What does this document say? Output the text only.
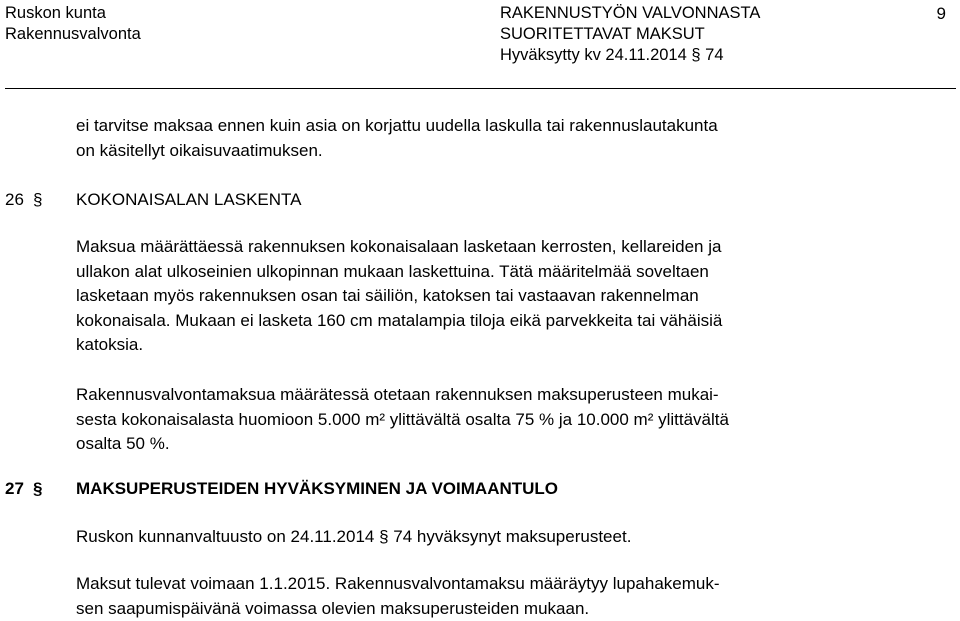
Ruskon kunta
Rakennusvalvonta
RAKENNUSTYÖN VALVONNASTA
SUORITETTAVAT MAKSUT
Hyväksytty kv 24.11.2014 § 74
9
ei tarvitse maksaa ennen kuin asia on korjattu uudella laskulla tai rakennuslautakunta
on käsitellyt oikaisuvaatimuksen.
26 § KOKONAISALAN LASKENTA
Maksua määrättäessä rakennuksen kokonaisalaan lasketaan kerrosten, kellareiden ja
ullakon alat ulkoseinien ulkopinnan mukaan laskettuina. Tätä määritelmää soveltaen
lasketaan myös rakennuksen osan tai säiliön, katoksen tai vastaavan rakennelman
kokonaisala. Mukaan ei lasketa 160 cm matalampia tiloja eikä parvekkeita tai vähäisiä
katoksia.
Rakennusvalvontamaksua määrätessä otetaan rakennuksen maksuperusteen mukai-
sesta kokonaisalasta huomioon 5.000 m² ylittävältä osalta 75 % ja 10.000 m² ylittävältä
osalta 50 %.
27 § MAKSUPERUSTEIDEN HYVÄKSYMINEN JA VOIMAANTULO
Ruskon kunnanvaltuusto on 24.11.2014 § 74 hyväksynyt maksuperusteet.
Maksut tulevat voimaan 1.1.2015. Rakennusvalvontamaksu määräytyy lupahakemuk-
sen saapumispäivänä voimassa olevien maksuperusteiden mukaan.
